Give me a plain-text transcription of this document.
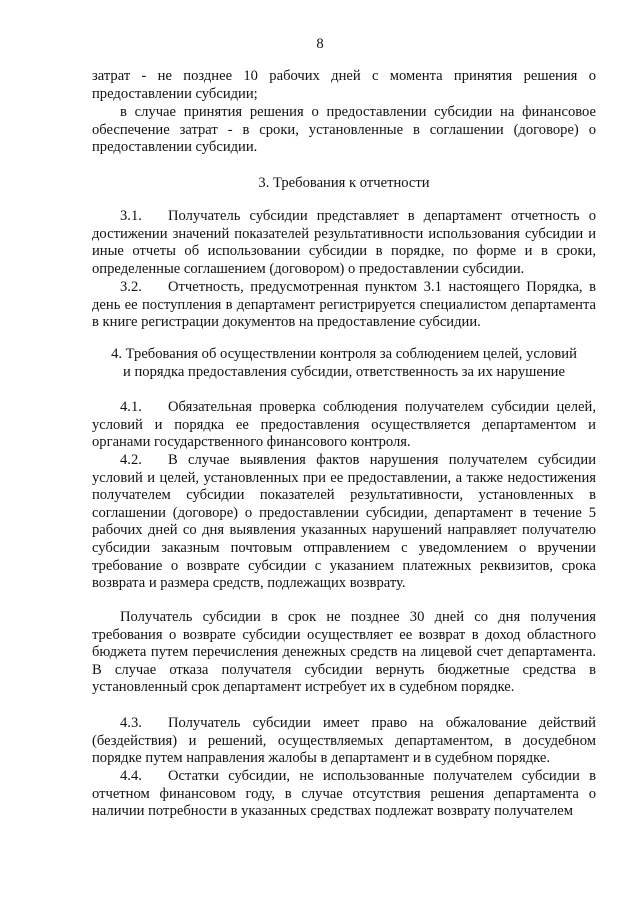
8

затрат - не позднее 10 рабочих дней с момента принятия решения о предоставлении субсидии;

в случае принятия решения о предоставлении субсидии на финансовое обеспечение затрат - в сроки, установленные в соглашении (договоре) о предоставлении субсидии.

3. Требования к отчетности

3.1. Получатель субсидии представляет в департамент отчетность о достижении значений показателей результативности использования субсидии и иные отчеты об использовании субсидии в порядке, по форме и в сроки, определенные соглашением (договором) о предоставлении субсидии.

3.2. Отчетность, предусмотренная пунктом 3.1 настоящего Порядка, в день ее поступления в департамент регистрируется специалистом департамента в книге регистрации документов на предоставление субсидии.

4. Требования об осуществлении контроля за соблюдением целей, условий

и порядка предоставления субсидии, ответственность за их нарушение

4.1. Обязательная проверка соблюдения получателем субсидии целей, условий и порядка ее предоставления осуществляется департаментом и органами государственного финансового контроля.

4.2. В случае выявления фактов нарушения получателем субсидии условий и целей, установленных при ее предоставлении, а также недостижения получателем субсидии показателей результативности, установленных в соглашении (договоре) о предоставлении субсидии, департамент в течение 5 рабочих дней со дня выявления указанных нарушений направляет получателю субсидии заказным почтовым отправлением с уведомлением о вручении требование о возврате субсидии с указанием платежных реквизитов, срока возврата и размера средств, подлежащих возврату.

Получатель субсидии в срок не позднее 30 дней со дня получения требования о возврате субсидии осуществляет ее возврат в доход областного бюджета путем перечисления денежных средств на лицевой счет департамента. В случае отказа получателя субсидии вернуть бюджетные средства в установленный срок департамент истребует их в судебном порядке.

4.3. Получатель субсидии имеет право на обжалование действий (бездействия) и решений, осуществляемых департаментом, в досудебном порядке путем направления жалобы в департамент и в судебном порядке.

4.4. Остатки субсидии, не использованные получателем субсидии в отчетном финансовом году, в случае отсутствия решения департамента о наличии потребности в указанных средствах подлежат возврату получателем
